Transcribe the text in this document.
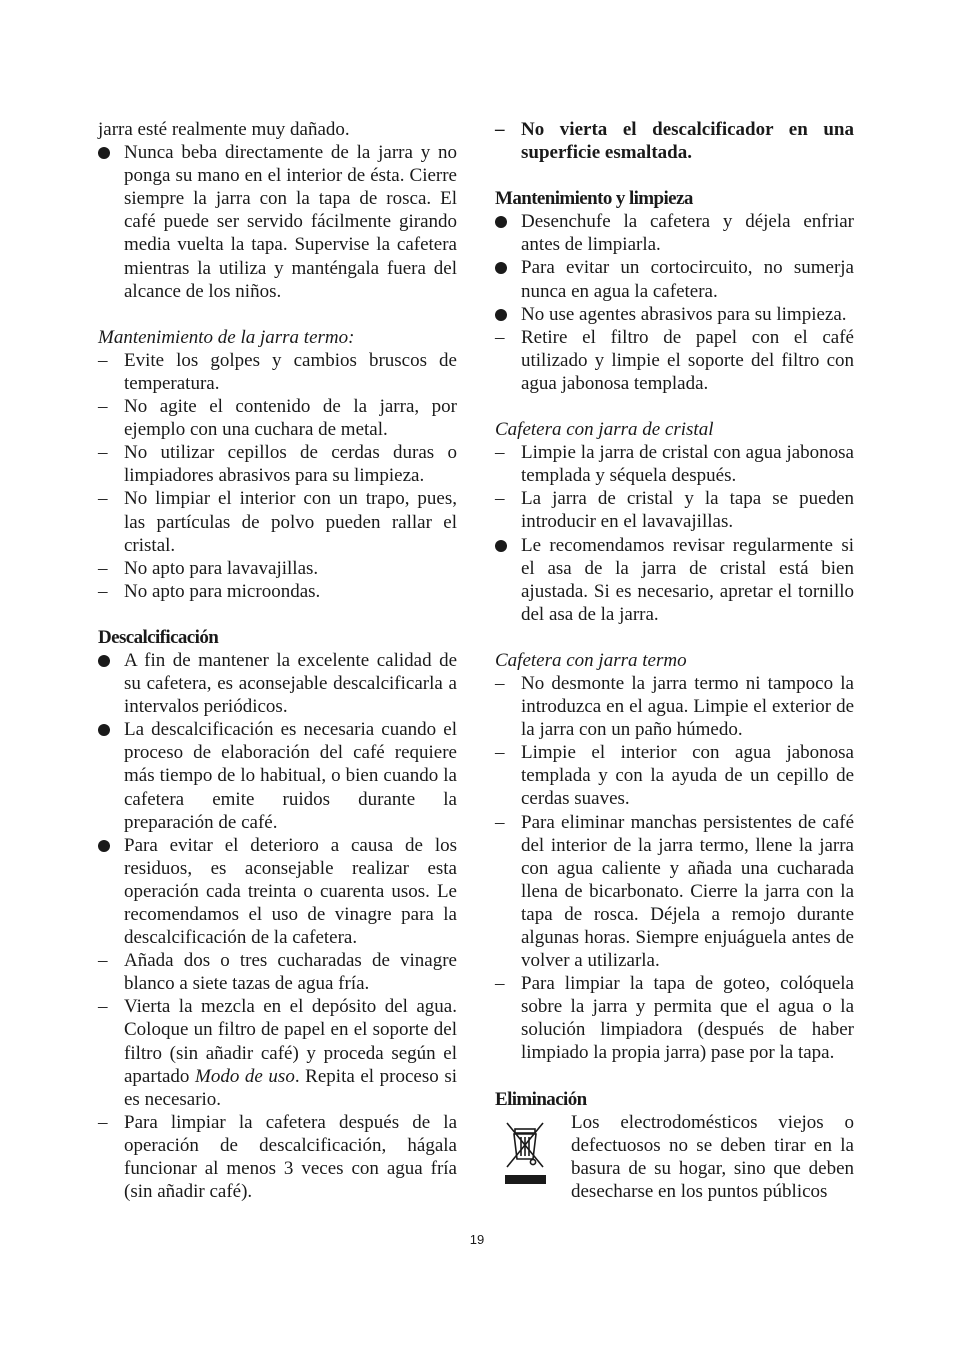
jarra esté realmente muy dañado.

Nunca beba directamente de la jarra y no ponga su mano en el interior de ésta. Cierre siempre la jarra con la tapa de rosca. El café puede ser servido fácilmente girando media vuelta la tapa. Supervise la cafetera mientras la utiliza y manténgala fuera del alcance de los niños.

Mantenimiento de la jarra termo:

– Evite los golpes y cambios bruscos de temperatura.
– No agite el contenido de la jarra, por ejemplo con una cuchara de metal.
– No utilizar cepillos de cerdas duras o limpiadores abrasivos para su limpieza.
– No limpiar el interior con un trapo, pues, las partículas de polvo pueden rallar el cristal.
– No apto para lavavajillas.
– No apto para microondas.

Descalcificación

A fin de mantener la excelente calidad de su cafetera, es aconsejable descalcificarla a intervalos periódicos.
La descalcificación es necesaria cuando el proceso de elaboración del café requiere más tiempo de lo habitual, o bien cuando la cafetera emite ruidos durante la preparación de café.
Para evitar el deterioro a causa de los residuos, es aconsejable realizar esta operación cada treinta o cuarenta usos. Le recomendamos el uso de vinagre para la descalcificación de la cafetera.
– Añada dos o tres cucharadas de vinagre blanco a siete tazas de agua fría.
– Vierta la mezcla en el depósito del agua. Coloque un filtro de papel en el soporte del filtro (sin añadir café) y proceda según el apartado Modo de uso. Repita el proceso si es necesario.
– Para limpiar la cafetera después de la operación de descalcificación, hágala funcionar al menos 3 veces con agua fría (sin añadir café).
– No vierta el descalcificador en una superficie esmaltada.

Mantenimiento y limpieza

Desenchufe la cafetera y déjela enfriar antes de limpiarla.
Para evitar un cortocircuito, no sumerja nunca en agua la cafetera.
No use agentes abrasivos para su limpieza.
– Retire el filtro de papel con el café utilizado y limpie el soporte del filtro con agua jabonosa templada.

Cafetera con jarra de cristal

– Limpie la jarra de cristal con agua jabonosa templada y séquela después.
– La jarra de cristal y la tapa se pueden introducir en el lavavajillas.
Le recomendamos revisar regularmente si el asa de la jarra de cristal está bien ajustada. Si es necesario, apretar el tornillo del asa de la jarra.

Cafetera con jarra termo

– No desmonte la jarra termo ni tampoco la introduzca en el agua. Limpie el exterior de la jarra con un paño húmedo.
– Limpie el interior con agua jabonosa templada y con la ayuda de un cepillo de cerdas suaves.
– Para eliminar manchas persistentes de café del interior de la jarra termo, llene la jarra con agua caliente y añada una cucharada llena de bicarbonato. Cierre la jarra con la tapa de rosca. Déjela a remojo durante algunas horas. Siempre enjuáguela antes de volver a utilizarla.
– Para limpiar la tapa de goteo, colóquela sobre la jarra y permita que el agua o la solución limpiadora (después de haber limpiado la propia jarra) pase por la tapa.

Eliminación

Los electrodomésticos viejos o defectuosos no se deben tirar en la basura de su hogar, sino que deben desecharse en los puntos públicos
19
